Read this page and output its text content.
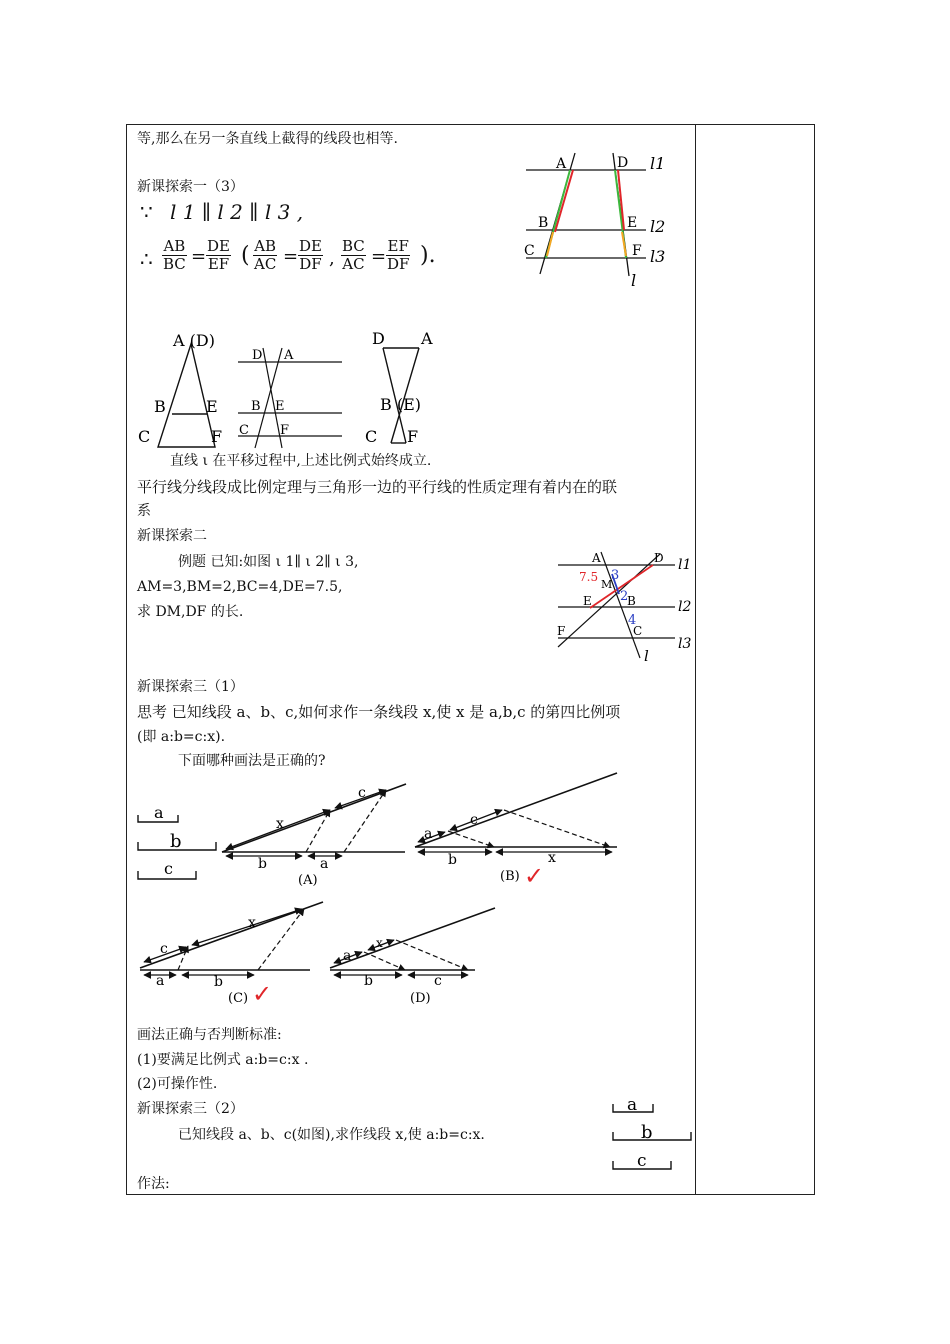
等,那么在另一条直线上截得的线段也相等.
新课探索一（3）
∵ l 1 ∥ l 2 ∥ l 3 ,
∴ $\frac{AB}{BC} = \frac{DE}{EF}$ ( $\frac{AB}{AC} = \frac{DE}{DF}$ , $\frac{BC}{AC} = \frac{EF}{DF}$ ).
A	D
B	E
C	F
l1
l2
l3
l
A (D)
B	E
C	F
D A
B E
C F
D A
B (E)
C F
直线 ι 在平移过程中,上述比例式始终成立.
平行线分线段成比例定理与三角形一边的平行线的性质定理有着内在的联
系
新课探索二
例题 已知:如图 ι 1∥ ι 2∥ ι 3,
AM=3,BM=2,BC=4,DE=7.5,
求 DM,DF 的长.
A	D
7.5 3
M
E 2
B
4
C
F
l1
l2
l3
l
新课探索三（1）
思考 已知线段 a、b、c,如何求作一条线段 x,使 x 是 a,b,c 的第四比例项
(即 a:b=c:x).
下面哪种画法是正确的?
a
b
c
x
c
b	a
(A)
a
c
b	x
(B) ✓
c
x
a	b
(C) ✓
a
x
b	c
(D)
画法正确与否判断标准:
(1)要满足比例式 a:b=c:x .
(2)可操作性.
新课探索三（2）
已知线段 a、b、c(如图),求作线段 x,使 a:b=c:x.
作法:
a
b
c
